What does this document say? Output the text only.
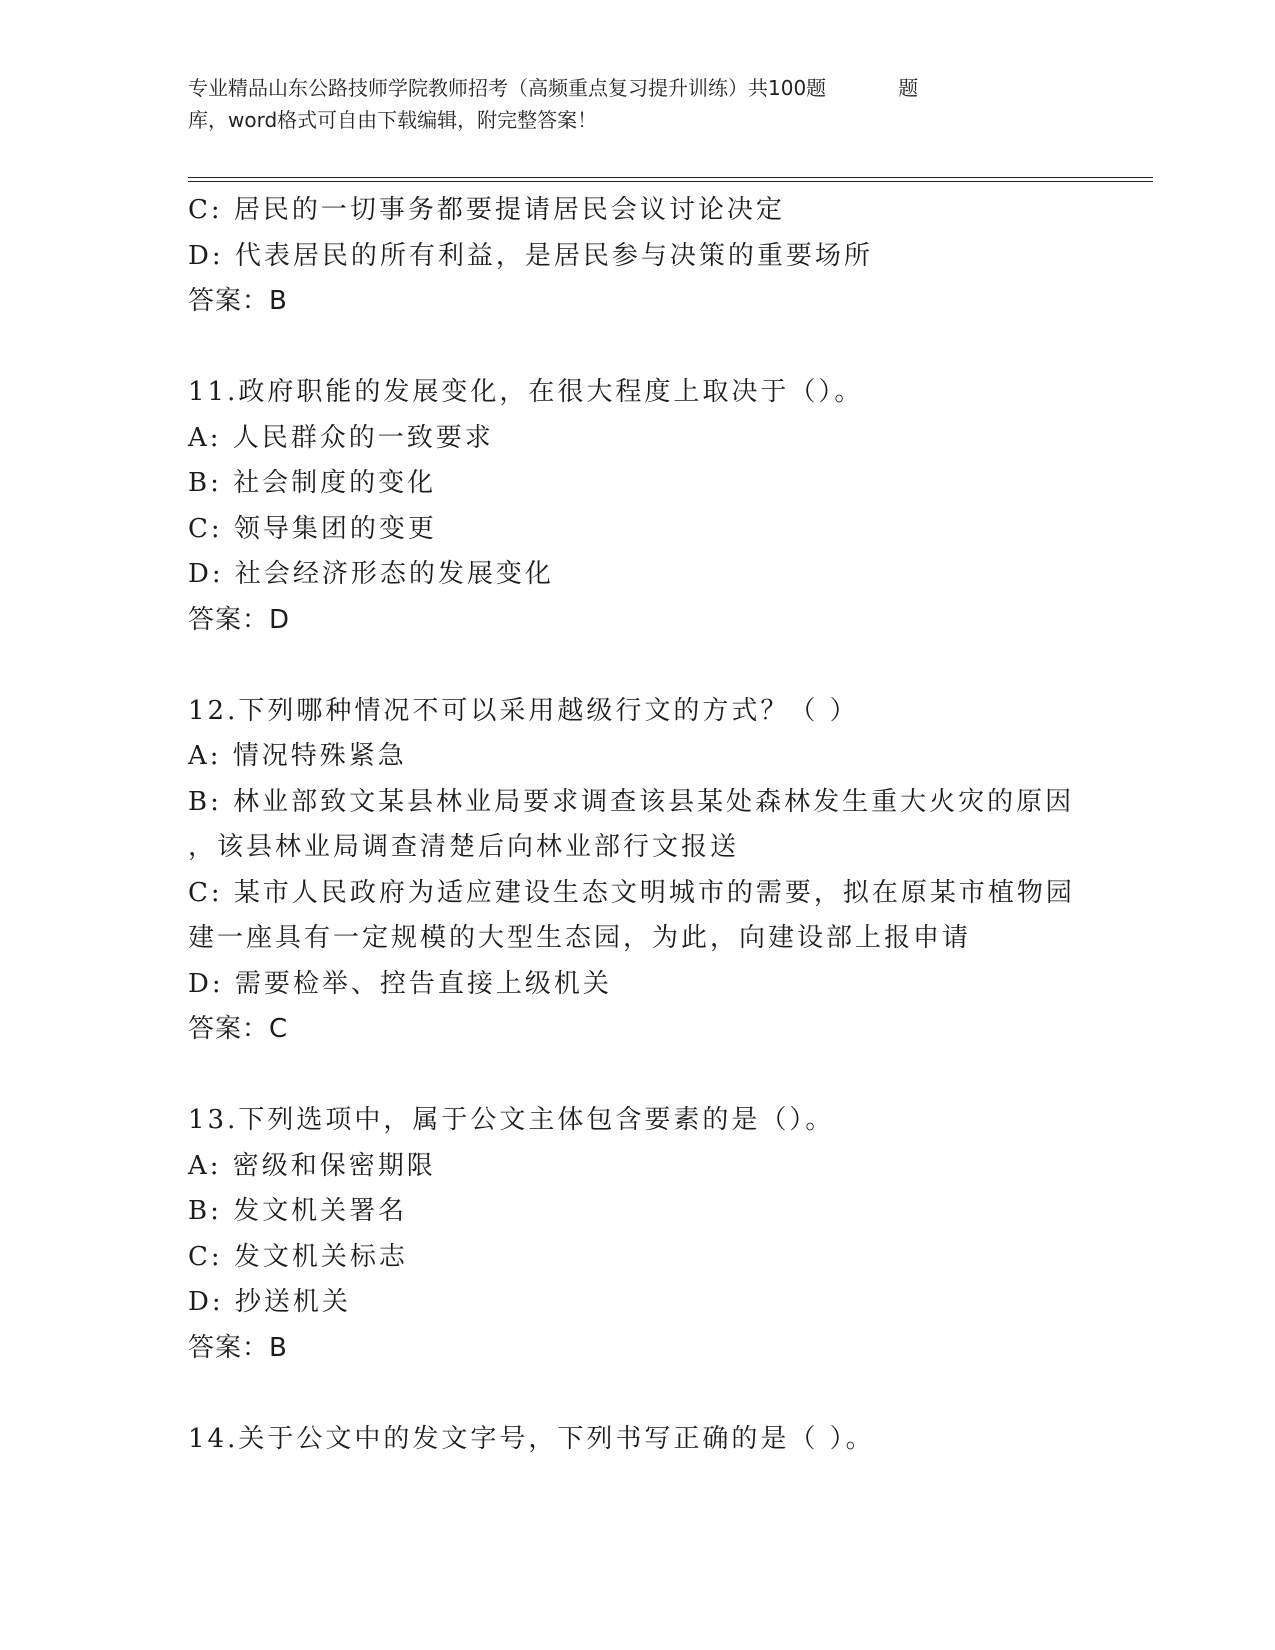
专业精品山东公路技师学院教师招考（高频重点复习提升训练）共100题	题
库，word格式可自由下载编辑，附完整答案！
C: 居民的一切事务都要提请居民会议讨论决定
D: 代表居民的所有利益，是居民参与决策的重要场所
答案：B
11.政府职能的发展变化，在很大程度上取决于（）。
A: 人民群众的一致要求
B: 社会制度的变化
C: 领导集团的变更
D: 社会经济形态的发展变化
答案：D
12.下列哪种情况不可以采用越级行文的方式？（ ）
A: 情况特殊紧急
B: 林业部致文某县林业局要求调查该县某处森林发生重大火灾的原因
，该县林业局调查清楚后向林业部行文报送
C: 某市人民政府为适应建设生态文明城市的需要，拟在原某市植物园
建一座具有一定规模的大型生态园，为此，向建设部上报申请
D: 需要检举、控告直接上级机关
答案：C
13.下列选项中，属于公文主体包含要素的是（）。
A: 密级和保密期限
B: 发文机关署名
C: 发文机关标志
D: 抄送机关
答案：B
14.关于公文中的发文字号，下列书写正确的是（ ）。
